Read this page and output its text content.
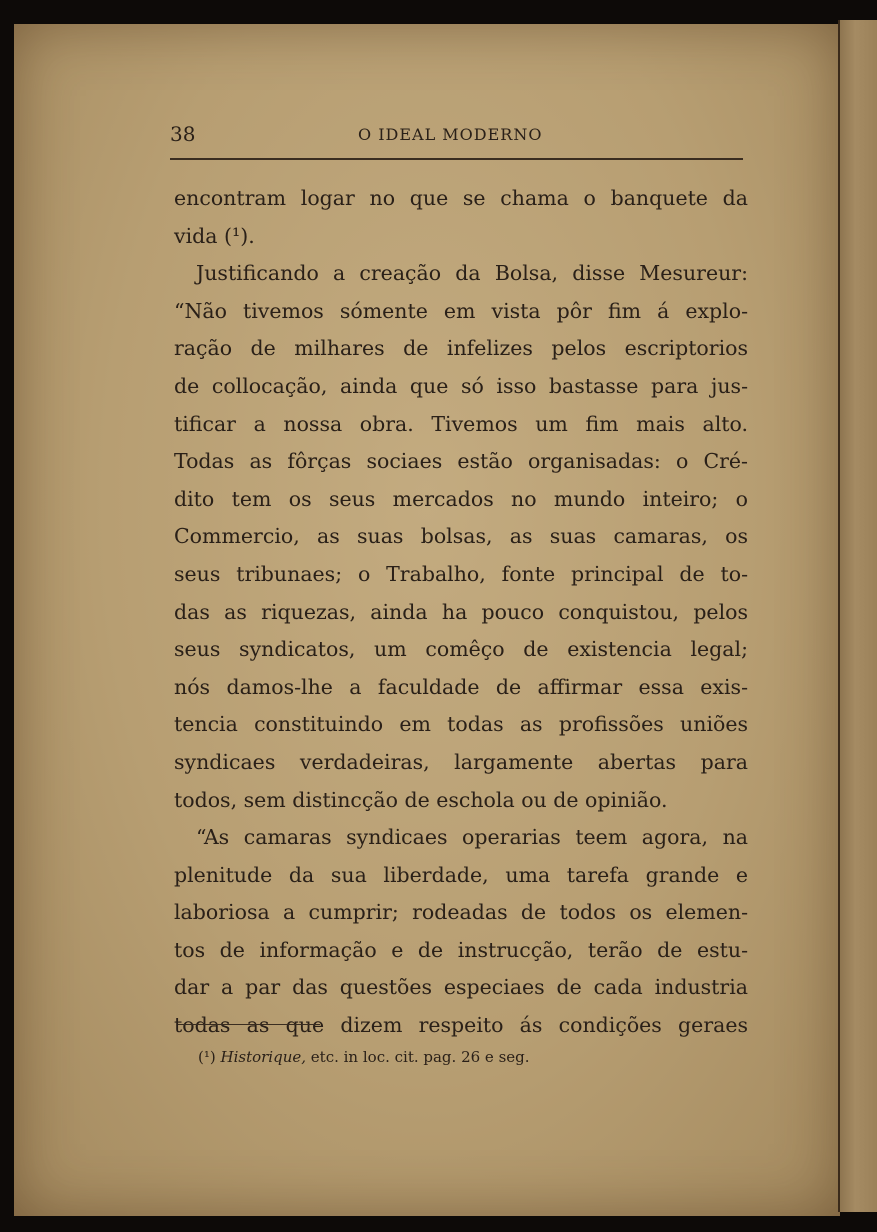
38	O IDEAL MODERNO
encontram logar no que se chama o banquete da
vida (¹).
Justificando a creação da Bolsa, disse Mesureur:
“Não tivemos sómente em vista pôr fim á explo-
ração de milhares de infelizes pelos escriptorios
de collocação, ainda que só isso bastasse para jus-
tificar a nossa obra. Tivemos um fim mais alto.
Todas as fôrças sociaes estão organisadas: o Cré-
dito tem os seus mercados no mundo inteiro; o
Commercio, as suas bolsas, as suas camaras, os
seus tribunaes; o Trabalho, fonte principal de to-
das as riquezas, ainda ha pouco conquistou, pelos
seus syndicatos, um comêço de existencia legal;
nós damos-lhe a faculdade de affirmar essa exis-
tencia constituindo em todas as profissões uniões
syndicaes verdadeiras, largamente abertas para
todos, sem distincção de eschola ou de opinião.
“As camaras syndicaes operarias teem agora, na
plenitude da sua liberdade, uma tarefa grande e
laboriosa a cumprir; rodeadas de todos os elemen-
tos de informação e de instrucção, terão de estu-
dar a par das questões especiaes de cada industria
todas as que dizem respeito ás condições geraes
(¹) Historique, etc. in loc. cit. pag. 26 e seg.
